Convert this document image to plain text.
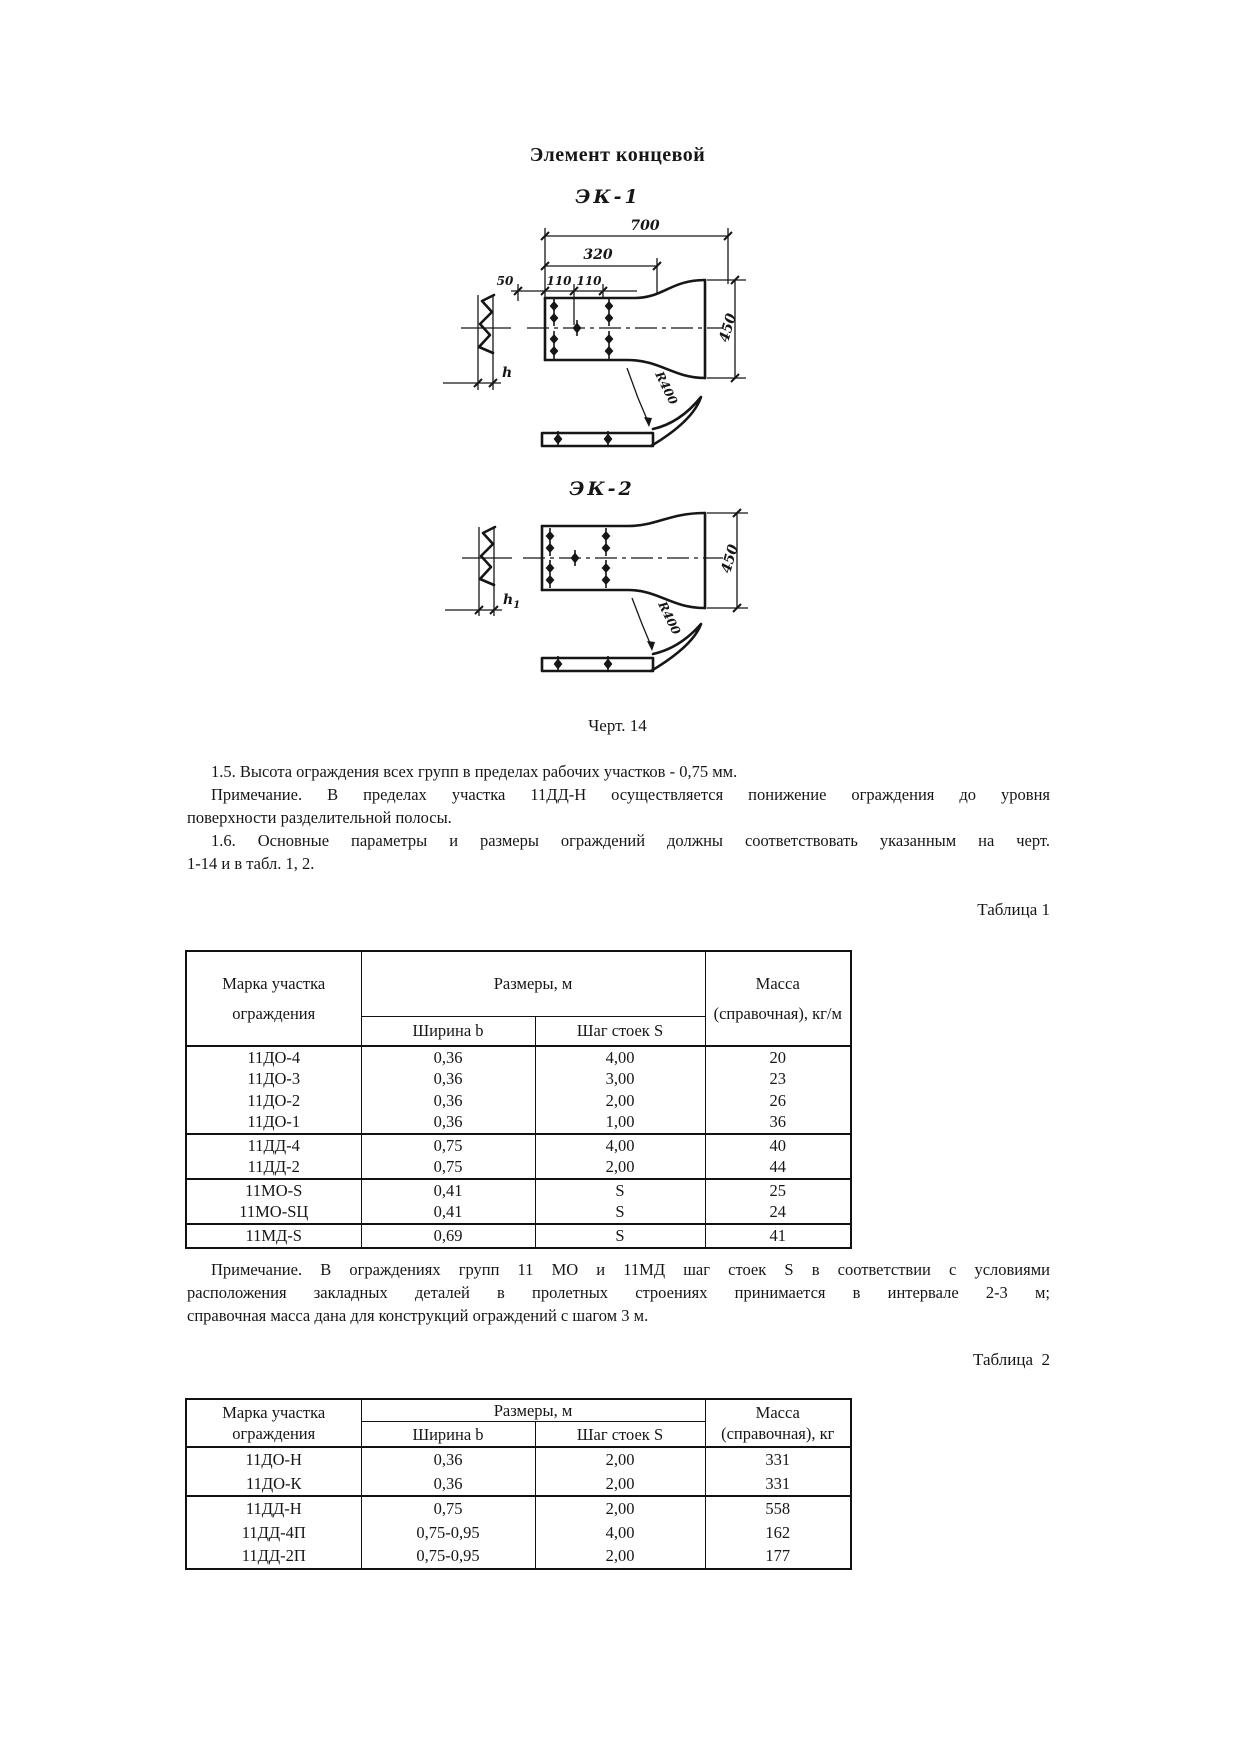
Элемент концевой
ЭК-1
700
320
50	110 110
450
h	R400
ЭК-2
450
$h_1$	R400
Черт. 14
1.5. Высота ограждения всех групп в пределах рабочих участков - 0,75 мм.
Примечание. В пределах участка 11ДД-Н осуществляется понижение ограждения до уровня
поверхности разделительной полосы.
1.6. Основные параметры и размеры ограждений должны соответствовать указанным на черт.
1-14 и в табл. 1, 2.
Таблица 1
Марка участка ограждения	Размеры, м		Масса (справочная), кг/м
	Ширина b	Шаг стоек S	
11ДО-4	0,36	4,00	20
11ДО-3	0,36	3,00	23
11ДО-2	0,36	2,00	26
11ДО-1	0,36	1,00	36
11ДД-4	0,75	4,00	40
11ДД-2	0,75	2,00	44
11МО-S	0,41	S	25
11МО-SЦ	0,41	S	24
11МД-S	0,69	S	41
Примечание. В ограждениях групп 11 МО и 11МД шаг стоек S в соответствии с условиями
расположения закладных деталей в пролетных строениях принимается в интервале 2-3 м;
справочная масса дана для конструкций ограждений с шагом 3 м.
Таблица  2
Марка участка ограждения	Размеры, м		Масса (справочная), кг
	Ширина b	Шаг стоек S	
11ДО-Н	0,36	2,00	331
11ДО-К	0,36	2,00	331
11ДД-Н	0,75	2,00	558
11ДД-4П	0,75-0,95	4,00	162
11ДД-2П	0,75-0,95	2,00	177
